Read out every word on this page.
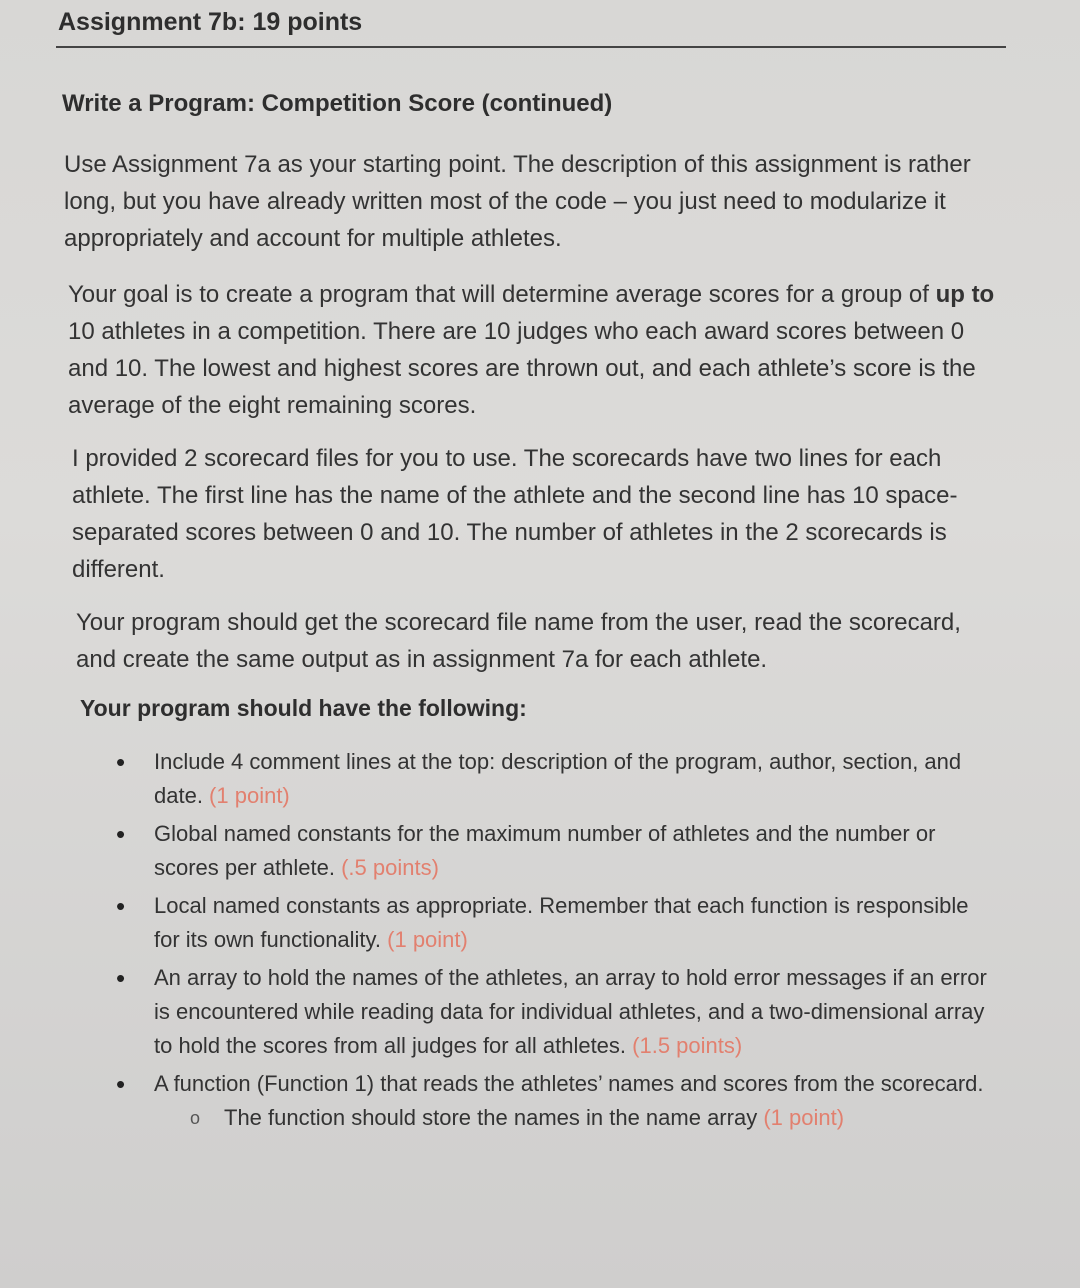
Assignment 7b: 19 points
Write a Program: Competition Score (continued)

Use Assignment 7a as your starting point. The description of this assignment is rather long, but you have already written most of the code – you just need to modularize it appropriately and account for multiple athletes.

Your goal is to create a program that will determine average scores for a group of up to 10 athletes in a competition. There are 10 judges who each award scores between 0 and 10. The lowest and highest scores are thrown out, and each athlete’s score is the average of the eight remaining scores.

I provided 2 scorecard files for you to use. The scorecards have two lines for each athlete. The first line has the name of the athlete and the second line has 10 space-separated scores between 0 and 10. The number of athletes in the 2 scorecards is different.

Your program should get the scorecard file name from the user, read the scorecard, and create the same output as in assignment 7a for each athlete.

Your program should have the following:
• Include 4 comment lines at the top: description of the program, author, section, and date. (1 point)
• Global named constants for the maximum number of athletes and the number or scores per athlete. (.5 points)
• Local named constants as appropriate. Remember that each function is responsible for its own functionality. (1 point)
• An array to hold the names of the athletes, an array to hold error messages if an error is encountered while reading data for individual athletes, and a two-dimensional array to hold the scores from all judges for all athletes. (1.5 points)
• A function (Function 1) that reads the athletes’ names and scores from the scorecard.
o The function should store the names in the name array (1 point)
